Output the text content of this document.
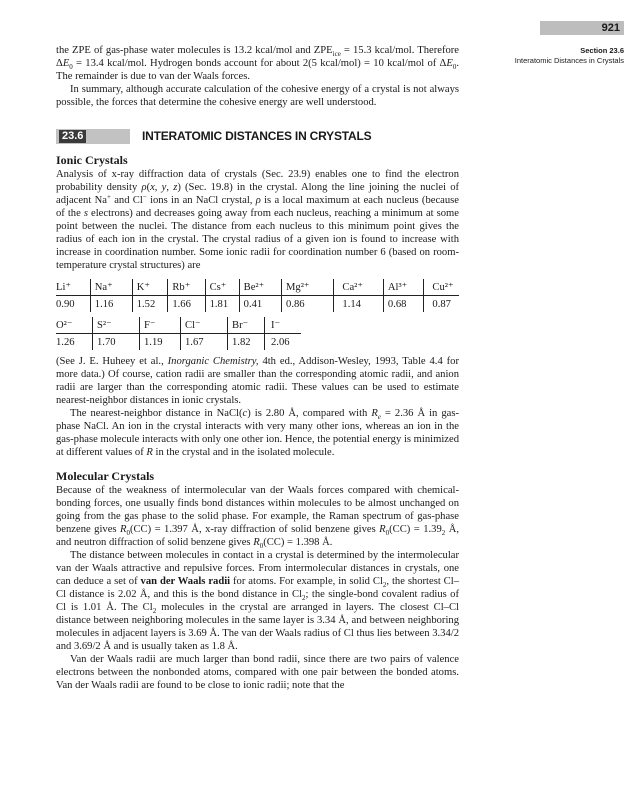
921
Section 23.6
Interatomic Distances in Crystals

the ZPE of gas-phase water molecules is 13.2 kcal/mol and $ZPE_{ice} = 15.3$ kcal/mol. Therefore $\Delta E_0 = 13.4$ kcal/mol. Hydrogen bonds account for about 2(5 kcal/mol) = 10 kcal/mol of $\Delta E_0$. The remainder is due to van der Waals forces.

In summary, although accurate calculation of the cohesive energy of a crystal is not always possible, the forces that determine the cohesive energy are well understood.

23.6	INTERATOMIC DISTANCES IN CRYSTALS
Ionic Crystals

Analysis of x-ray diffraction data of crystals (Sec. 23.9) enables one to find the electron probability density ρ(x, y, z) (Sec. 19.8) in the crystal. Along the line joining the nuclei of adjacent Na+ and Cl− ions in an NaCl crystal, ρ is a local maximum at each nucleus (because of the s electrons) and decreases going away from each nucleus, reaching a minimum at some point between the nuclei. The distance from each nucleus to this minimum point gives the radius of each ion in the crystal. The crystal radius of a given ion is found to increase with increase in coordination number. Some ionic radii for coordination number 6 (based on room-temperature crystal structures) are

Li⁺	Na⁺	K⁺	Rb⁺	Cs⁺	Be²⁺	Mg²⁺	Ca²⁺	Al³⁺	Cu²⁺
0.90	1.16	1.52	1.66	1.81	0.41	0.86	1.14	0.68	0.87
O²⁻	S²⁻	F⁻	Cl⁻	Br⁻	I⁻
1.26	1.70	1.19	1.67	1.82	2.06

(See J. E. Huheey et al., Inorganic Chemistry, 4th ed., Addison-Wesley, 1993, Table 4.4 for more data.) Of course, cation radii are smaller than the corresponding atomic radii, and anion radii are larger than the corresponding atomic radii. These values can be used to estimate nearest-neighbor distances in ionic crystals.

The nearest-neighbor distance in NaCl(c) is 2.80 Å, compared with $R_e = 2.36$ Å in gas-phase NaCl. An ion in the crystal interacts with very many other ions, whereas an ion in the gas-phase molecule interacts with only one other ion. Hence, the potential energy is minimized at different values of R in the crystal and in the isolated molecule.

Molecular Crystals

Because of the weakness of intermolecular van der Waals forces compared with chemical-bonding forces, one usually finds bond distances within molecules to be almost unchanged on going from the gas phase to the solid phase. For example, the Raman spectrum of gas-phase benzene gives $R_0(CC) = 1.397$ Å, x-ray diffraction of solid benzene gives $R_0(CC) = 1.39_2$ Å, and neutron diffraction of solid benzene gives $R_0(CC) = 1.398$ Å.

The distance between molecules in contact in a crystal is determined by the intermolecular van der Waals attractive and repulsive forces. From intermolecular distances in crystals, one can deduce a set of van der Waals radii for atoms. For example, in solid $Cl_2$, the shortest Cl–Cl distance is 2.02 Å, and this is the bond distance in $Cl_2$; the single-bond covalent radius of Cl is 1.01 Å. The $Cl_2$ molecules in the crystal are arranged in layers. The closest Cl–Cl distance between neighboring molecules in the same layer is 3.34 Å, and between neighboring molecules in adjacent layers is 3.69 Å. The van der Waals radius of Cl thus lies between 3.34/2 and 3.69/2 Å and is usually taken as 1.8 Å.

Van der Waals radii are much larger than bond radii, since there are two pairs of valence electrons between the nonbonded atoms, compared with one pair between the bonded atoms. Van der Waals radii are found to be close to ionic radii; note that the
